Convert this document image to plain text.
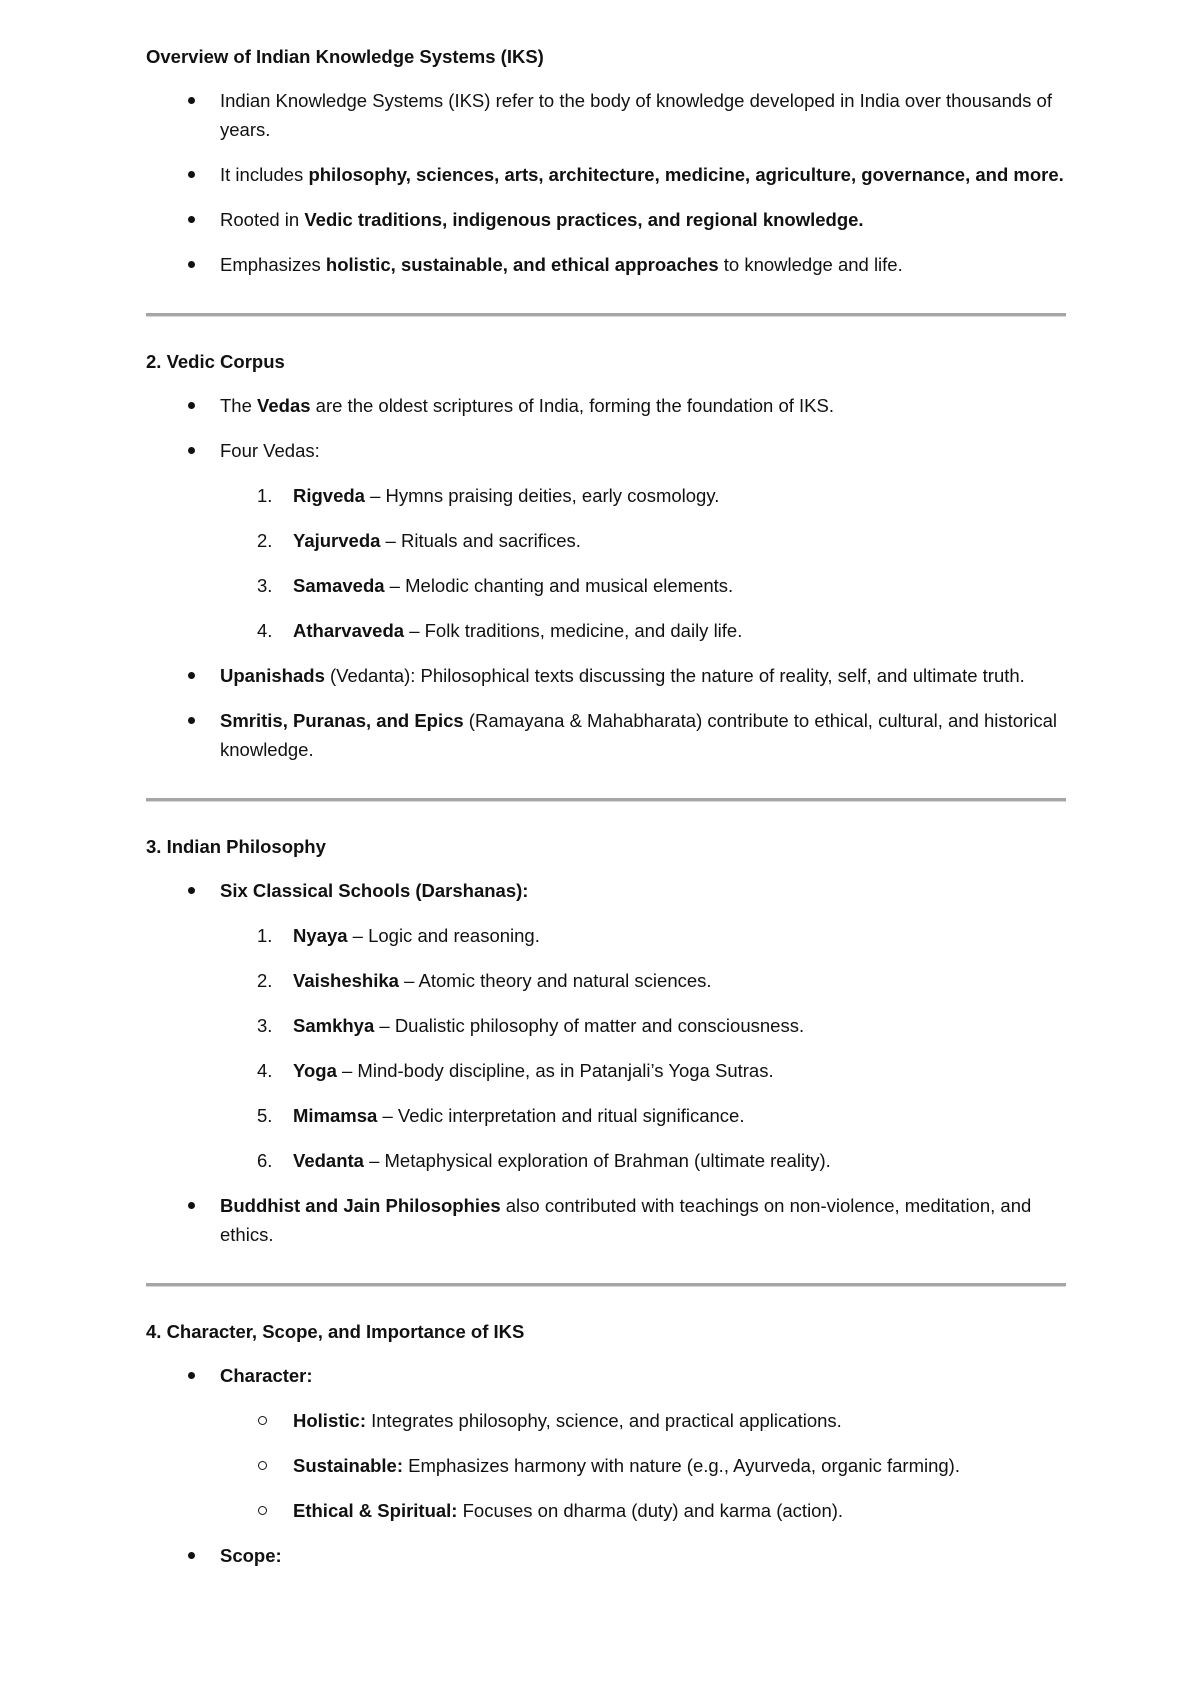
Overview of Indian Knowledge Systems (IKS)
Indian Knowledge Systems (IKS) refer to the body of knowledge developed in India over thousands of years.
It includes philosophy, sciences, arts, architecture, medicine, agriculture, governance, and more.
Rooted in Vedic traditions, indigenous practices, and regional knowledge.
Emphasizes holistic, sustainable, and ethical approaches to knowledge and life.
2. Vedic Corpus
The Vedas are the oldest scriptures of India, forming the foundation of IKS.
Four Vedas:
1. Rigveda – Hymns praising deities, early cosmology.
2. Yajurveda – Rituals and sacrifices.
3. Samaveda – Melodic chanting and musical elements.
4. Atharvaveda – Folk traditions, medicine, and daily life.
Upanishads (Vedanta): Philosophical texts discussing the nature of reality, self, and ultimate truth.
Smritis, Puranas, and Epics (Ramayana & Mahabharata) contribute to ethical, cultural, and historical knowledge.
3. Indian Philosophy
Six Classical Schools (Darshanas):
1. Nyaya – Logic and reasoning.
2. Vaisheshika – Atomic theory and natural sciences.
3. Samkhya – Dualistic philosophy of matter and consciousness.
4. Yoga – Mind-body discipline, as in Patanjali’s Yoga Sutras.
5. Mimamsa – Vedic interpretation and ritual significance.
6. Vedanta – Metaphysical exploration of Brahman (ultimate reality).
Buddhist and Jain Philosophies also contributed with teachings on non-violence, meditation, and ethics.
4. Character, Scope, and Importance of IKS
Character:
Holistic: Integrates philosophy, science, and practical applications.
Sustainable: Emphasizes harmony with nature (e.g., Ayurveda, organic farming).
Ethical & Spiritual: Focuses on dharma (duty) and karma (action).
Scope:
